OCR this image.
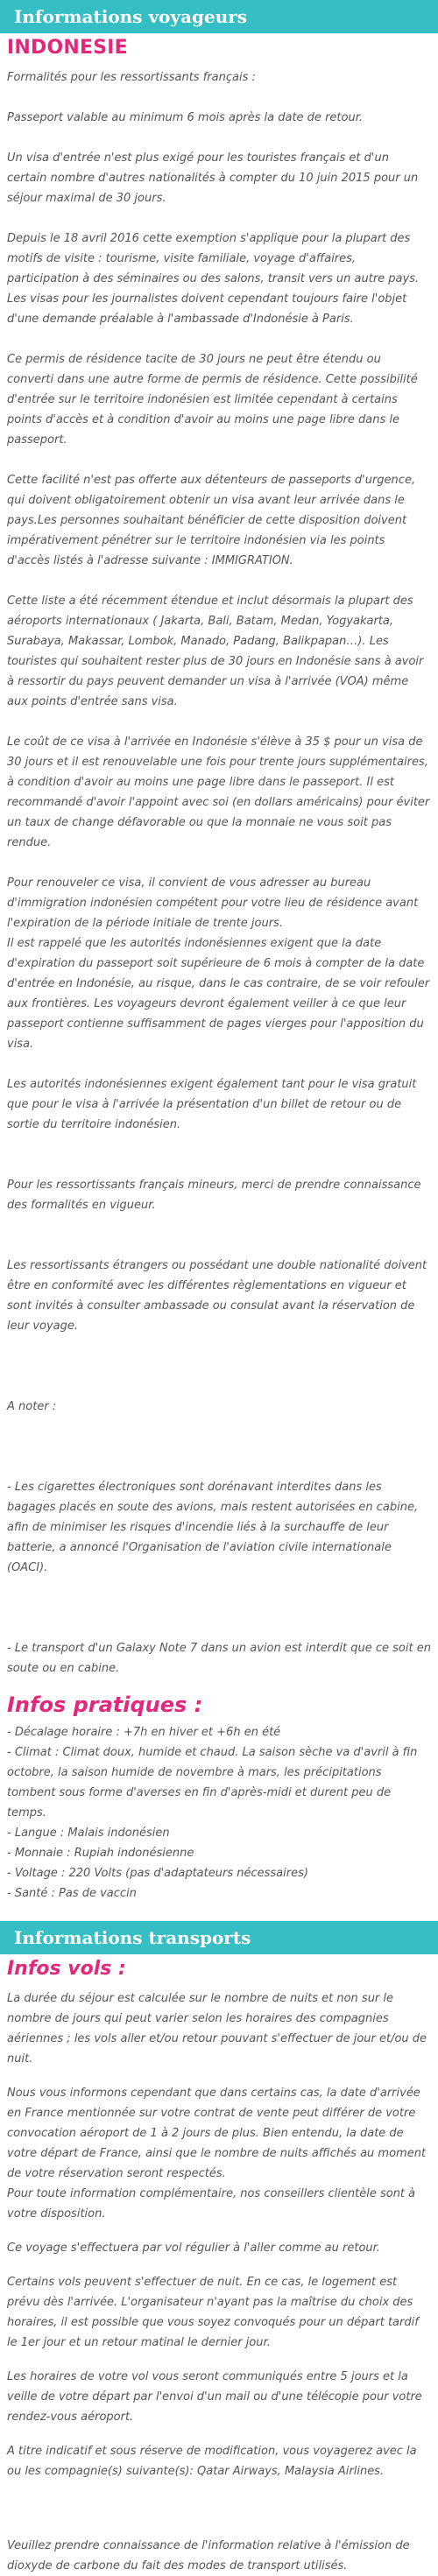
Informations voyageurs
INDONESIE

Formalités pour les ressortissants français :

Passeport valable au minimum 6 mois après la date de retour.

Un visa d'entrée n'est plus exigé pour les touristes français et d'un certain nombre d'autres nationalités à compter du 10 juin 2015 pour un séjour maximal de 30 jours.

Depuis le 18 avril 2016 cette exemption s'applique pour la plupart des motifs de visite : tourisme, visite familiale, voyage d'affaires, participation à des séminaires ou des salons, transit vers un autre pays. Les visas pour les journalistes doivent cependant toujours faire l'objet d'une demande préalable à l'ambassade d'Indonésie à Paris.

Ce permis de résidence tacite de 30 jours ne peut être étendu ou converti dans une autre forme de permis de résidence. Cette possibilité d'entrée sur le territoire indonésien est limitée cependant à certains points d'accès et à condition d'avoir au moins une page libre dans le passeport.

Cette facilité n'est pas offerte aux détenteurs de passeports d'urgence, qui doivent obligatoirement obtenir un visa avant leur arrivée dans le pays.Les personnes souhaitant bénéficier de cette disposition doivent impérativement pénétrer sur le territoire indonésien via les points d'accès listés à l'adresse suivante : IMMIGRATION.

Cette liste a été récemment étendue et inclut désormais la plupart des aéroports internationaux ( Jakarta, Bali, Batam, Medan, Yogyakarta, Surabaya, Makassar, Lombok, Manado, Padang, Balikpapan…). Les touristes qui souhaitent rester plus de 30 jours en Indonésie sans à avoir à ressortir du pays peuvent demander un visa à l'arrivée (VOA) même aux points d'entrée sans visa.

Le coût de ce visa à l'arrivée en Indonésie s'élève à 35 $ pour un visa de 30 jours et il est renouvelable une fois pour trente jours supplémentaires, à condition d'avoir au moins une page libre dans le passeport. Il est recommandé d'avoir l'appoint avec soi (en dollars américains) pour éviter un taux de change défavorable ou que la monnaie ne vous soit pas rendue.

Pour renouveler ce visa, il convient de vous adresser au bureau d'immigration indonésien compétent pour votre lieu de résidence avant l'expiration de la période initiale de trente jours.
Il est rappelé que les autorités indonésiennes exigent que la date d'expiration du passeport soit supérieure de 6 mois à compter de la date d'entrée en Indonésie, au risque, dans le cas contraire, de se voir refouler aux frontières. Les voyageurs devront également veiller à ce que leur passeport contienne suffisamment de pages vierges pour l'apposition du visa.

Les autorités indonésiennes exigent également tant pour le visa gratuit que pour le visa à l'arrivée la présentation d'un billet de retour ou de sortie du territoire indonésien.

Pour les ressortissants français mineurs, merci de prendre connaissance des formalités en vigueur.

Les ressortissants étrangers ou possédant une double nationalité doivent être en conformité avec les différentes règlementations en vigueur et sont invités à consulter ambassade ou consulat avant la réservation de leur voyage.

A noter :

- Les cigarettes électroniques sont dorénavant interdites dans les bagages placés en soute des avions, mais restent autorisées en cabine, afin de minimiser les risques d'incendie liés à la surchauffe de leur batterie, a annoncé l'Organisation de l'aviation civile internationale (OACI).

- Le transport d'un Galaxy Note 7 dans un avion est interdit que ce soit en soute ou en cabine.

Infos pratiques :
- Décalage horaire : +7h en hiver et +6h en été
- Climat : Climat doux, humide et chaud. La saison sèche va d'avril à fin octobre, la saison humide de novembre à mars, les précipitations tombent sous forme d'averses en fin d'après-midi et durent peu de temps.
- Langue : Malais indonésien
- Monnaie : Rupiah indonésienne
- Voltage : 220 Volts (pas d'adaptateurs nécessaires)
- Santé : Pas de vaccin
Informations transports
Infos vols :

La durée du séjour est calculée sur le nombre de nuits et non sur le nombre de jours qui peut varier selon les horaires des compagnies aériennes ; les vols aller et/ou retour pouvant s'effectuer de jour et/ou de nuit.

Nous vous informons cependant que dans certains cas, la date d'arrivée en France mentionnée sur votre contrat de vente peut différer de votre convocation aéroport de 1 à 2 jours de plus. Bien entendu, la date de votre départ de France, ainsi que le nombre de nuits affichés au moment de votre réservation seront respectés.
Pour toute information complémentaire, nos conseillers clientèle sont à votre disposition.

Ce voyage s'effectuera par vol régulier à l'aller comme au retour.

Certains vols peuvent s'effectuer de nuit. En ce cas, le logement est prévu dès l'arrivée. L'organisateur n'ayant pas la maîtrise du choix des horaires, il est possible que vous soyez convoqués pour un départ tardif le 1er jour et un retour matinal le dernier jour.

Les horaires de votre vol vous seront communiqués entre 5 jours et la veille de votre départ par l'envoi d'un mail ou d'une télécopie pour votre rendez-vous aéroport.

A titre indicatif et sous réserve de modification, vous voyagerez avec la ou les compagnie(s) suivante(s): Qatar Airways, Malaysia Airlines.

Veuillez prendre connaissance de l'information relative à l'émission de dioxyde de carbone du fait des modes de transport utilisés.
